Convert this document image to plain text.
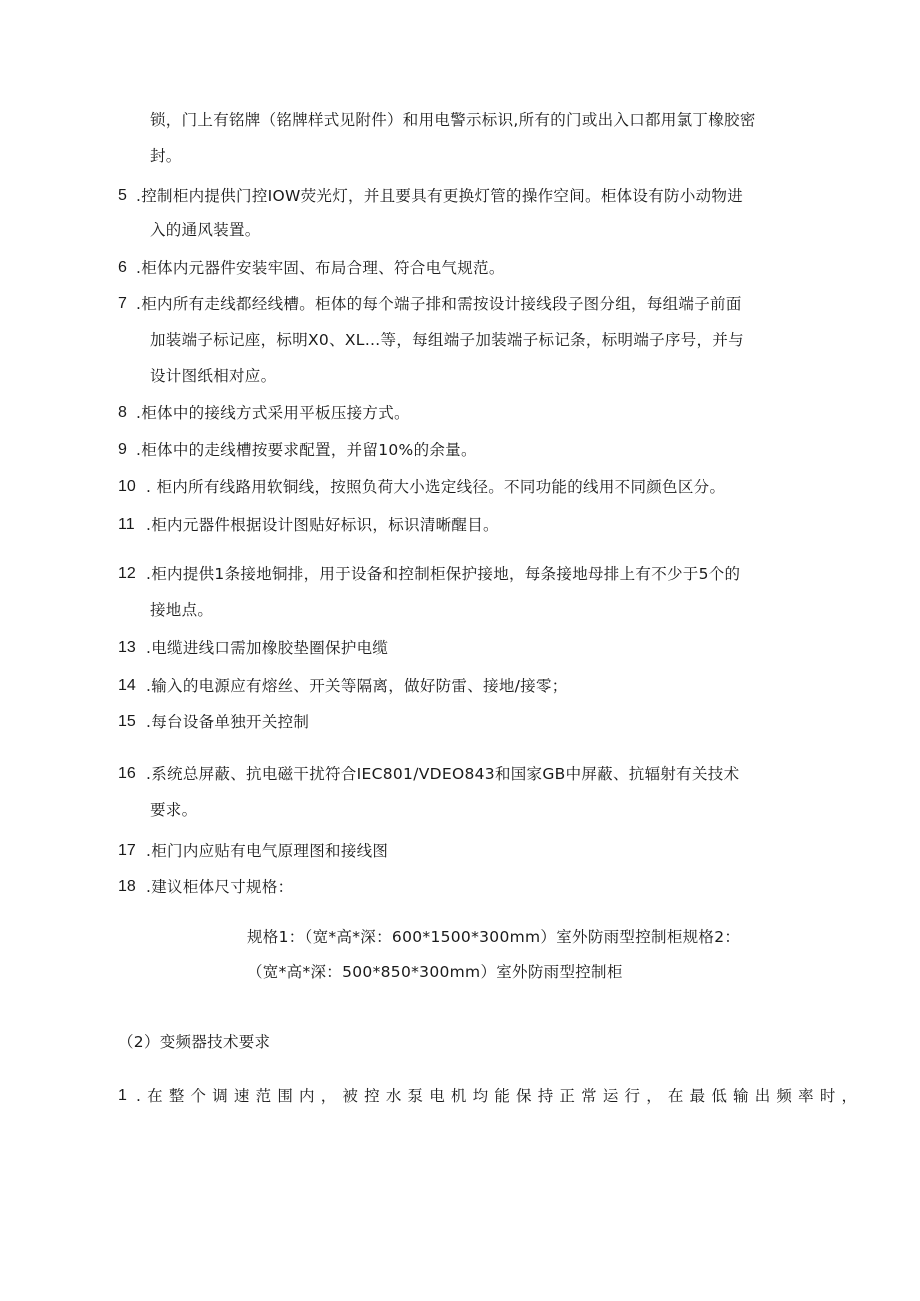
锁，门上有铭牌（铭牌样式见附件）和用电警示标识,所有的门或出入口都用氯丁橡胶密
封。
5 .控制柜内提供门控IOW荧光灯，并且要具有更换灯管的操作空间。柜体设有防小动物进
入的通风装置。
6 .柜体内元器件安装牢固、布局合理、符合电气规范。
7 .柜内所有走线都经线槽。柜体的每个端子排和需按设计接线段子图分组，每组端子前面
加装端子标记座，标明X0、XL…等，每组端子加装端子标记条，标明端子序号，并与
设计图纸相对应。
8 .柜体中的接线方式采用平板压接方式。
9 .柜体中的走线槽按要求配置，并留10%的余量。
10 . 柜内所有线路用软铜线，按照负荷大小选定线径。不同功能的线用不同颜色区分。
11 .柜内元器件根据设计图贴好标识，标识清晰醒目。
12 .柜内提供1条接地铜排，用于设备和控制柜保护接地，每条接地母排上有不少于5个的
接地点。
13 .电缆进线口需加橡胶垫圈保护电缆
14 .输入的电源应有熔丝、开关等隔离，做好防雷、接地/接零；
15 .每台设备单独开关控制
16 .系统总屏蔽、抗电磁干扰符合IEC801∕VDEO843和国家GB中屏蔽、抗辐射有关技术
要求。
17 .柜门内应贴有电气原理图和接线图
18 .建议柜体尺寸规格：
规格1：（宽*高*深：600*1500*300mm）室外防雨型控制柜规格2：
（宽*高*深：500*850*300mm）室外防雨型控制柜
（2）变频器技术要求
1 .在整个调速范围内，被控水泵电机均能保持正常运行，在最低输出频率时，
